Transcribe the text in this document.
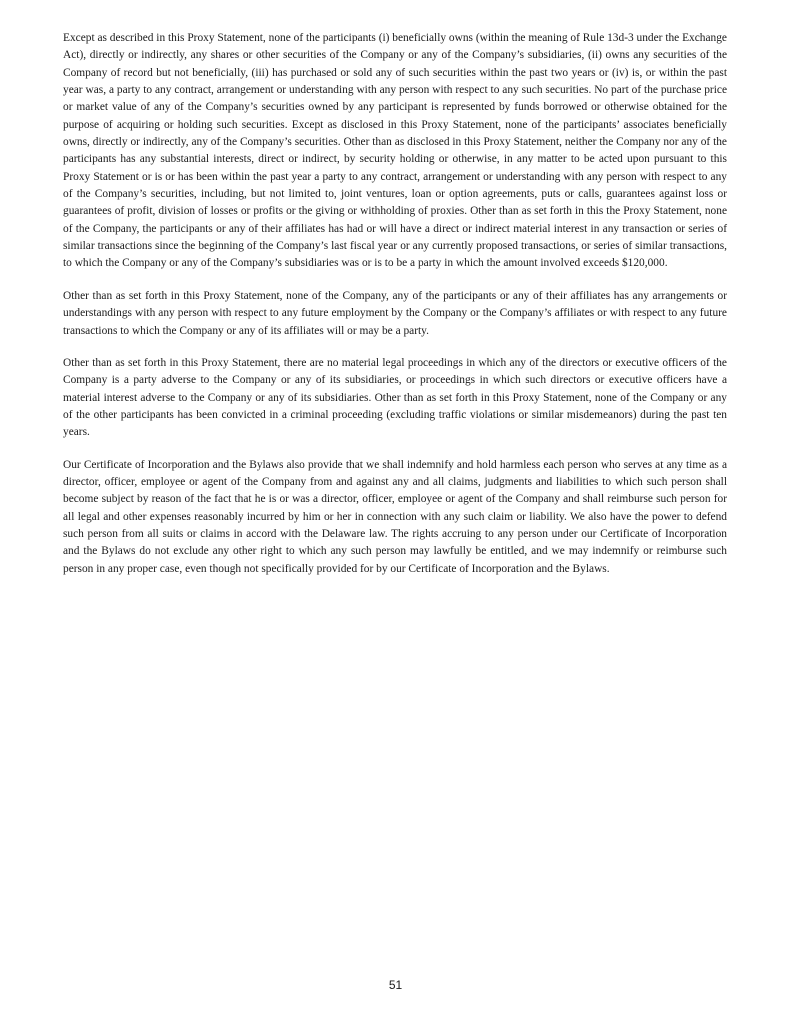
Except as described in this Proxy Statement, none of the participants (i) beneficially owns (within the meaning of Rule 13d-3 under the Exchange Act), directly or indirectly, any shares or other securities of the Company or any of the Company’s subsidiaries, (ii) owns any securities of the Company of record but not beneficially, (iii) has purchased or sold any of such securities within the past two years or (iv) is, or within the past year was, a party to any contract, arrangement or understanding with any person with respect to any such securities. No part of the purchase price or market value of any of the Company’s securities owned by any participant is represented by funds borrowed or otherwise obtained for the purpose of acquiring or holding such securities. Except as disclosed in this Proxy Statement, none of the participants’ associates beneficially owns, directly or indirectly, any of the Company’s securities. Other than as disclosed in this Proxy Statement, neither the Company nor any of the participants has any substantial interests, direct or indirect, by security holding or otherwise, in any matter to be acted upon pursuant to this Proxy Statement or is or has been within the past year a party to any contract, arrangement or understanding with any person with respect to any of the Company’s securities, including, but not limited to, joint ventures, loan or option agreements, puts or calls, guarantees against loss or guarantees of profit, division of losses or profits or the giving or withholding of proxies. Other than as set forth in this the Proxy Statement, none of the Company, the participants or any of their affiliates has had or will have a direct or indirect material interest in any transaction or series of similar transactions since the beginning of the Company’s last fiscal year or any currently proposed transactions, or series of similar transactions, to which the Company or any of the Company’s subsidiaries was or is to be a party in which the amount involved exceeds $120,000.

Other than as set forth in this Proxy Statement, none of the Company, any of the participants or any of their affiliates has any arrangements or understandings with any person with respect to any future employment by the Company or the Company’s affiliates or with respect to any future transactions to which the Company or any of its affiliates will or may be a party.

Other than as set forth in this Proxy Statement, there are no material legal proceedings in which any of the directors or executive officers of the Company is a party adverse to the Company or any of its subsidiaries, or proceedings in which such directors or executive officers have a material interest adverse to the Company or any of its subsidiaries. Other than as set forth in this Proxy Statement, none of the Company or any of the other participants has been convicted in a criminal proceeding (excluding traffic violations or similar misdemeanors) during the past ten years.

Our Certificate of Incorporation and the Bylaws also provide that we shall indemnify and hold harmless each person who serves at any time as a director, officer, employee or agent of the Company from and against any and all claims, judgments and liabilities to which such person shall become subject by reason of the fact that he is or was a director, officer, employee or agent of the Company and shall reimburse such person for all legal and other expenses reasonably incurred by him or her in connection with any such claim or liability. We also have the power to defend such person from all suits or claims in accord with the Delaware law. The rights accruing to any person under our Certificate of Incorporation and the Bylaws do not exclude any other right to which any such person may lawfully be entitled, and we may indemnify or reimburse such person in any proper case, even though not specifically provided for by our Certificate of Incorporation and the Bylaws.

51
